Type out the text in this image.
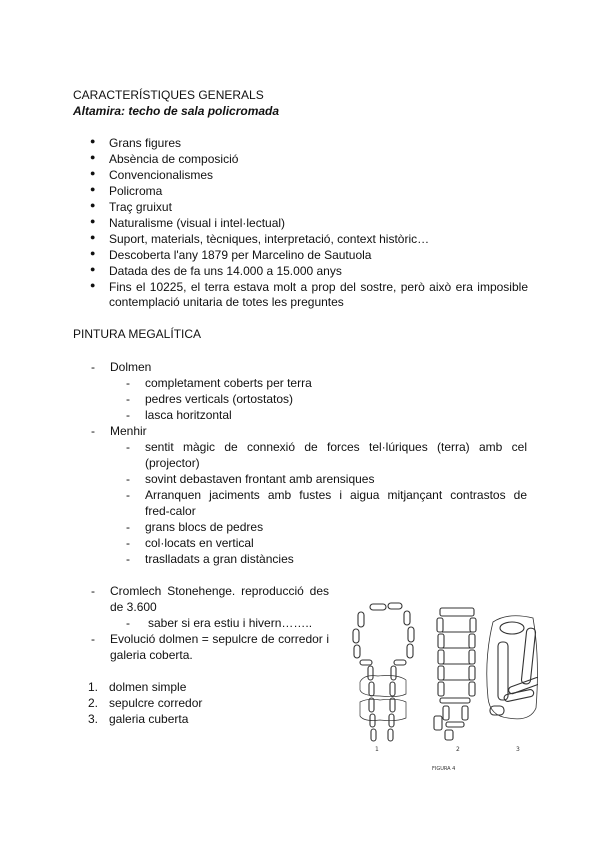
CARACTERÍSTIQUES GENERALS
Altamira: techo de sala policromada
Grans figures
Absència de composició
Convencionalismes
Policroma
Traç gruixut
Naturalisme (visual i intel·lectual)
Suport, materials, tècniques, interpretació, context històric…
Descoberta l'any 1879 per Marcelino de Sautuola
Datada des de fa uns 14.000 a 15.000 anys
Fins el 10225, el terra estava molt a prop del sostre, però això era imposible
contemplació unitaria de totes les preguntes
PINTURA MEGALÍTICA
- Dolmen
- completament coberts per terra
- pedres verticals (ortostatos)
- lasca horitzontal
- Menhir
- sentit màgic de connexió de forces tel·lúriques (terra) amb cel
(projector)
- sovint debastaven frontant amb arensiques
- Arranquen jaciments amb fustes i aigua mitjançant contrastos de
fred-calor
- grans blocs de pedres
- col·locats en vertical
- traslladats a gran distàncies
- Cromlech Stonehenge. reproducció des
de 3.600
- saber si era estiu i hivern……..
- Evolució dolmen = sepulcre de corredor i
galeria coberta.
1. dolmen simple
2. sepulcre corredor
3. galeria cuberta
1	2	3
FIGURA 4
